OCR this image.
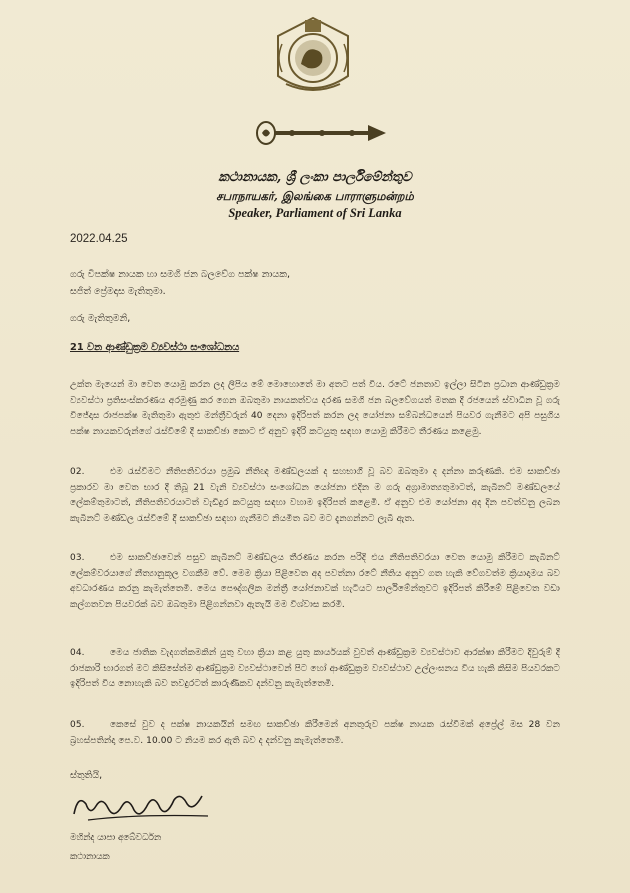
කථානායක, ශ්‍රී ලංකා පාර්ලිමේන්තුව
சபாநாயகர், இலங்கை பாராளுமன்றம்
Speaker, Parliament of Sri Lanka
2022.04.25
ගරු විපක්ෂ නායක හා සමගි ජන බලවේග පක්ෂ නායක,
සජිත් ප්‍රේමදාස මැතිතුමා.
ගරු මැතිතුමනි,
21 වන ආණ්ඩුක්‍රම ව්‍යවස්ථා සංශෝධනය
උක්ත මැයෙන් මා වෙත යොමු කරන ලද ලිපිය මේ මොහොතේ මා අතට පත් විය. රටේ ජනතාව ඉල්ලා සිටින ප්‍රධාන ආණ්ඩුක්‍රම ව්‍යවස්ථා ප්‍රතිසංස්කරණය අරමුණු කර ගෙන ඔබතුමා නායකත්වය දරණ සමගි ජන බලවේගයත් මතක දී රජයෙන් ස්වාධීන වූ ගරු විජේදාස රාජපක්ෂ මැතිතුමා ඇතුළු මන්ත්‍රීවරුන් 40 දෙනා ඉදිරිපත් කරන ලද යෝජනා සම්බන්ධයෙන් පියවර ගැනීමට අපි පසුගිය පක්ෂ නායකවරුන්ගේ රැස්වීමේ දී සාකච්ඡා කොට ඒ අනුව ඉදිරි කටයුතු සඳහා යොමු කිරීමට තීරණය කළෙමු.
02.	එම රැස්වීමට නීතිපතිවරයා ප්‍රමුඛ නීතිඥ මණ්ඩලයක් ද සහභාගී වූ බව ඔබතුමා ද දන්නා කරුණකි. එම සාකච්ඡා ප්‍රකාරව මා වෙත භාර දී තිබූ 21 වැනි ව්‍යවස්ථා සංශෝධන යෝජනා එදින ම ගරු අග්‍රාමාත්‍යතුමාටත්, කැබිනට් මණ්ඩලයේ ලේකම්තුමාටත්, නීතිපතිවරයාටත් වැඩිදුර කටයුතු සඳහා වහාම ඉදිරිපත් කළෙමි. ඒ අනුව එම යෝජනා අද දින පවත්වනු ලබන කැබිනට් මණ්ඩල රැස්වීමේ දී සාකච්ඡා සඳහා ගැනීමට නියමිත බව මට දැනගන්නට ලැබී ඇත.
03.	එම සාකච්ඡාවෙන් පසුව කැබිනට් මණ්ඩලය තීරණය කරන පරිදි එය නීතිපතිවරයා වෙත යොමු කිරීමට කැබිනට් ලේකම්වරයාගේ නීත්‍යානුකූල වගකීම වේ. මෙම ක්‍රියා පිළිවෙත අද පවත්නා රටේ නීතිය අනුව ගත හැකි වේගවත්ම ක්‍රියාදාමය බව අවධාරණය කරනු කැමැත්තෙමි. මෙය පෞද්ගලික මන්ත්‍රී යෝජනාවක් හැටියට පාර්ලිමේන්තුවට ඉදිරිපත් කිරීමේ පිළිවෙත වඩා කල්ගතවන පියවරක් බව ඔබතුමා පිළිගන්නවා ඇතැයි මම විශ්වාස කරමි.
04.	මෙය ජාතික වැදගත්කමකින් යුතු වහා ක්‍රියා කළ යුතු කාර්යයක් වුවත් ආණ්ඩුක්‍රම ව්‍යවස්ථාව ආරක්ෂා කිරීමට දිවුරුම් දී රාජකාරි භාරගත් මට කිසිසේත්ම ආණ්ඩුක්‍රම ව්‍යවස්ථාවෙන් පිට හෝ ආණ්ඩුක්‍රම ව්‍යවස්ථාව උල්ලංඝනය විය හැකි කිසිම පියවරකට ඉදිරිපත් විය නොහැකි බව තවදුරටත් කාරුණිකව දන්වනු කැමැත්තෙමි.
05.	කෙසේ වුව ද පක්ෂ නායකයින් සමඟ සාකච්ඡා කිරීමෙන් අනතුරුව පක්ෂ නායක රැස්වීමක් අප්‍රේල් මස 28 වන බ්‍රහස්පතින්දා පෙ.ව. 10.00 ට නියම කර ඇති බව ද දන්වනු කැමැත්තෙමි.
ස්තුතියි,
මහින්ද යාපා අබේවර්ධන
කථානායක
